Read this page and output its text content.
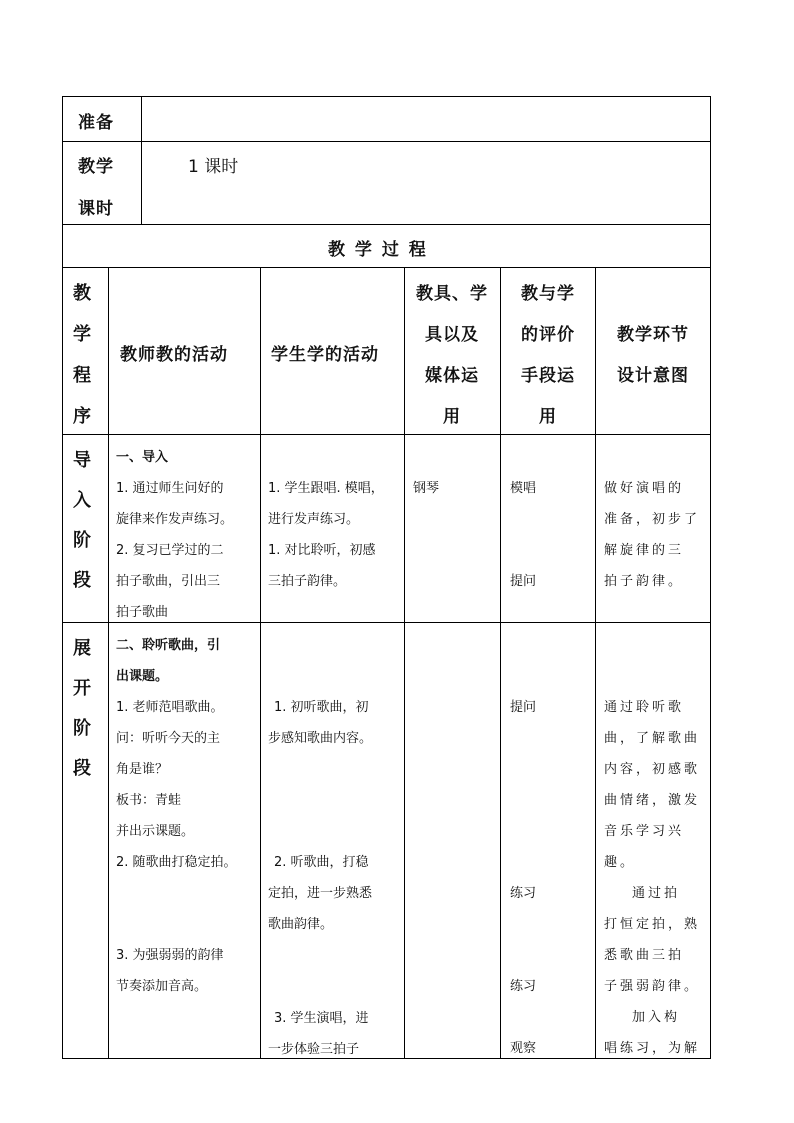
准备
教学
课时
1 课时
教 学 过 程
教
学
程
序
教师教的活动	学生学的活动
教具、学
具以及
媒体运
用
教与学
的评价
手段运
用
教学环节
设计意图
导
入
阶
段
一、导入
1. 通过师生问好的
旋律来作发声练习。
2. 复习已学过的二
拍子歌曲，引出三
拍子歌曲
1. 学生跟唱. 模唱，
进行发声练习。
1. 对比聆听，初感
三拍子韵律。
钢琴	模唱
提问
做好演唱的
准备，初步了
解旋律的三
拍子韵律。
展
开
阶
段
二、聆听歌曲，引
出课题。
1. 老师范唱歌曲。
问：听听今天的主
角是谁？
板书：青蛙
并出示课题。
2. 随歌曲打稳定拍。
3. 为强弱弱的韵律
节奏添加音高。
1. 初听歌曲，初
步感知歌曲内容。
2. 听歌曲，打稳
定拍，进一步熟悉
歌曲韵律。
3. 学生演唱，进
一步体验三拍子
提问
练习
练习
观察
通过聆听歌
曲，了解歌曲
内容，初感歌
曲情绪，激发
音乐学习兴
趣。
通过拍
打恒定拍，熟
悉歌曲三拍
子强弱韵律。
加入构
唱练习，为解
